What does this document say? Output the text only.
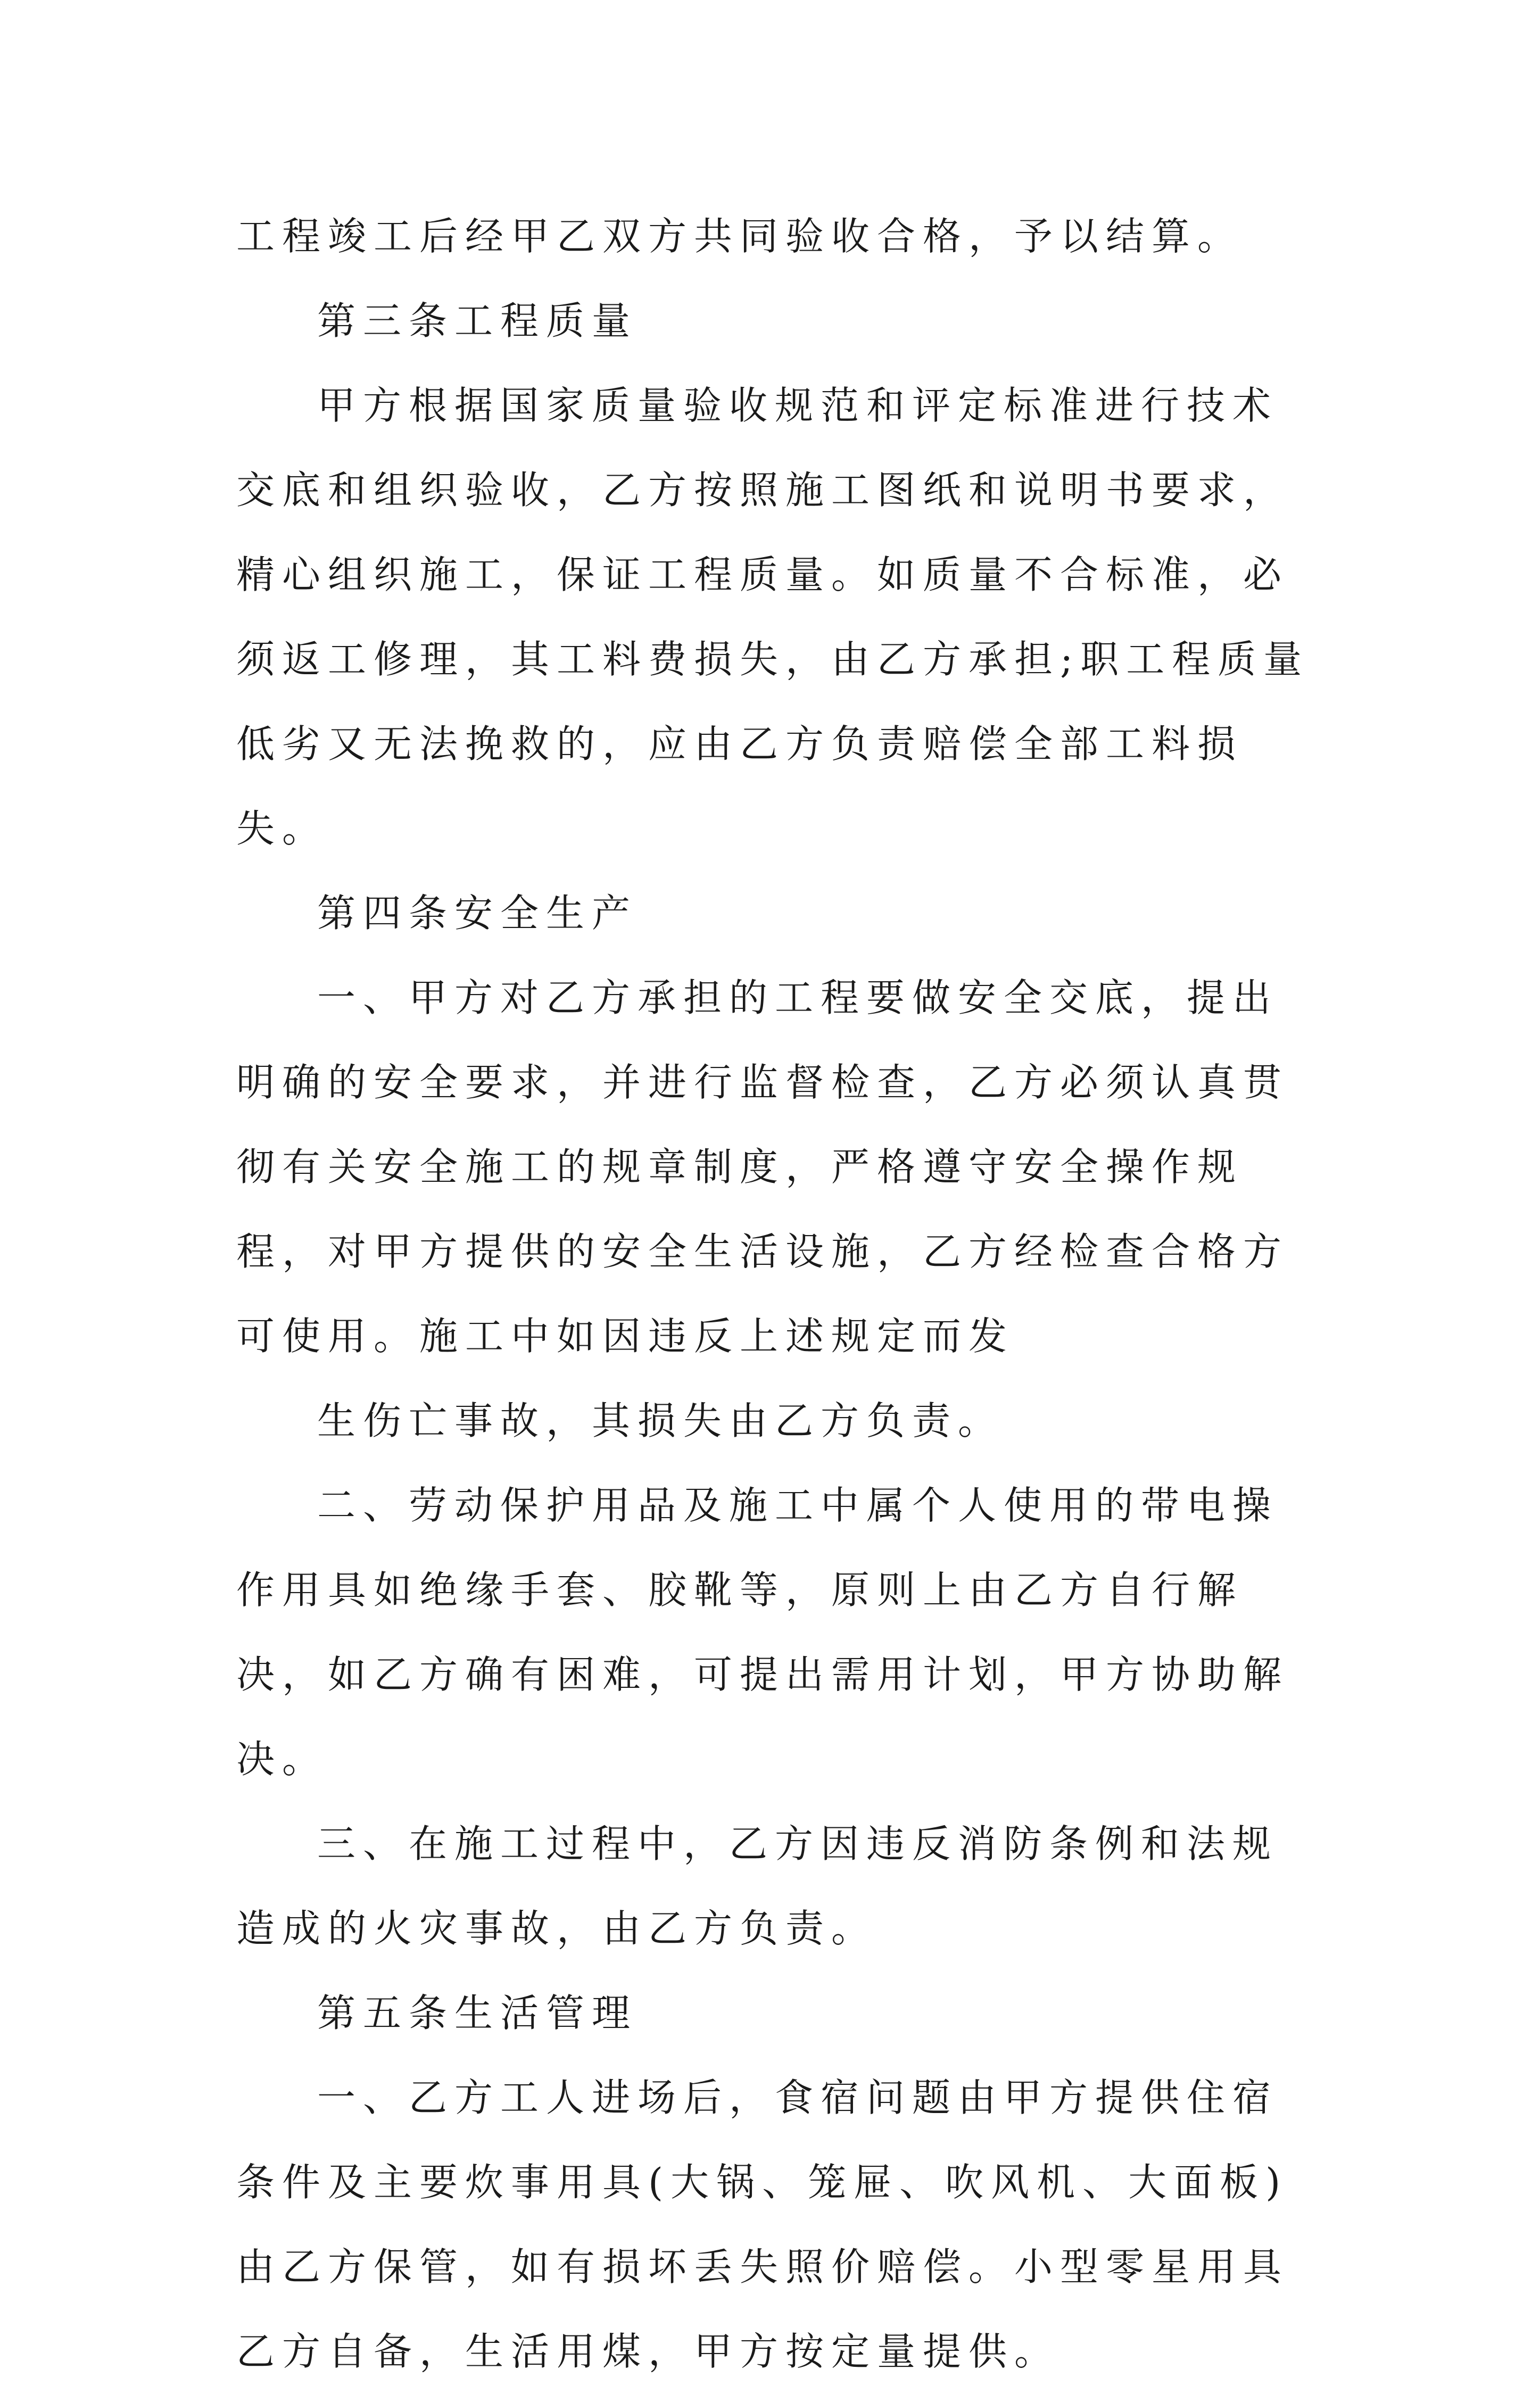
工程竣工后经甲乙双方共同验收合格，予以结算。

第三条工程质量

甲方根据国家质量验收规范和评定标准进行技术交底和组织验收，乙方按照施工图纸和说明书要求，精心组织施工，保证工程质量。如质量不合标准，必须返工修理，其工料费损失，由乙方承担;职工程质量低劣又无法挽救的，应由乙方负责赔偿全部工料损失。

第四条安全生产

一、甲方对乙方承担的工程要做安全交底，提出明确的安全要求，并进行监督检查，乙方必须认真贯彻有关安全施工的规章制度，严格遵守安全操作规程，对甲方提供的安全生活设施，乙方经检查合格方可使用。施工中如因违反上述规定而发

生伤亡事故，其损失由乙方负责。

二、劳动保护用品及施工中属个人使用的带电操作用具如绝缘手套、胶靴等，原则上由乙方自行解决，如乙方确有困难，可提出需用计划，甲方协助解决。

三、在施工过程中，乙方因违反消防条例和法规造成的火灾事故，由乙方负责。

第五条生活管理

一、乙方工人进场后，食宿问题由甲方提供住宿条件及主要炊事用具(大锅、笼屉、吹风机、大面板)由乙方保管，如有损坏丢失照价赔偿。小型零星用具乙方自备，生活用煤，甲方按定量提供。
